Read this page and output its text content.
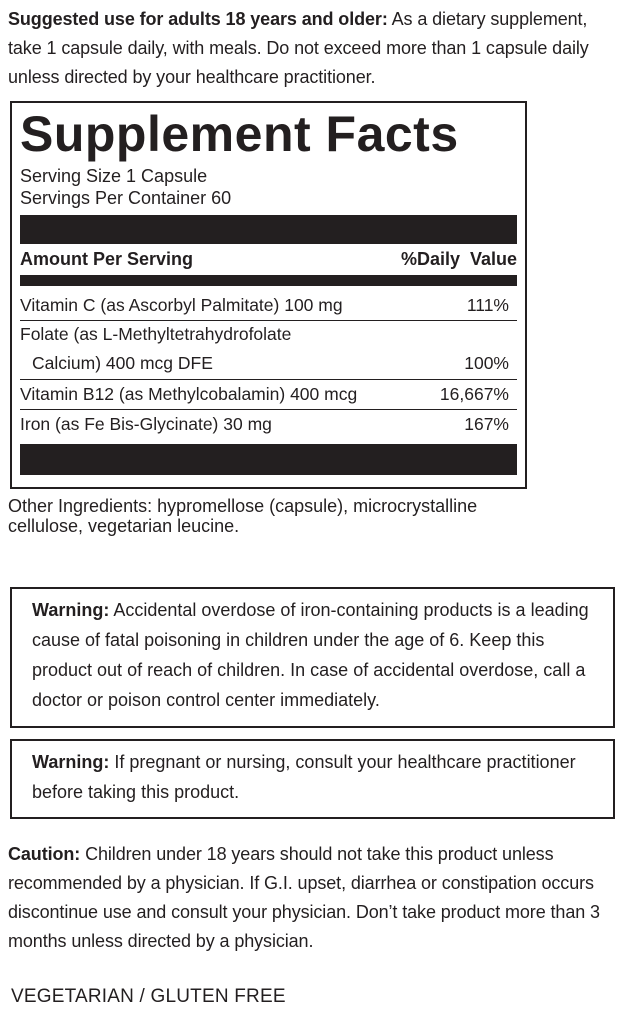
Suggested use for adults 18 years and older: As a dietary supplement, take 1 capsule daily, with meals. Do not exceed more than 1 capsule daily unless directed by your healthcare practitioner.
Supplement Facts
Serving Size 1 Capsule
Servings Per Container 60
Amount Per Serving	%Daily  Value
Vitamin C (as Ascorbyl Palmitate) 100 mg	111%
Folate (as L-Methyltetrahydrofolate
Calcium) 400 mcg DFE	100%
Vitamin B12 (as Methylcobalamin) 400 mcg	16,667%
Iron (as Fe Bis-Glycinate) 30 mg	167%
Other Ingredients: hypromellose (capsule), microcrystalline cellulose, vegetarian leucine.
Warning: Accidental overdose of iron-containing products is a leading cause of fatal poisoning in children under the age of 6. Keep this product out of reach of children. In case of accidental overdose, call a doctor or poison control center immediately.
Warning: If pregnant or nursing, consult your healthcare practitioner before taking this product.
Caution: Children under 18 years should not take this product unless recommended by a physician. If G.I. upset, diarrhea or constipation occurs discontinue use and consult your physician. Don’t take product more than 3 months unless directed by a physician.
VEGETARIAN / GLUTEN FREE
